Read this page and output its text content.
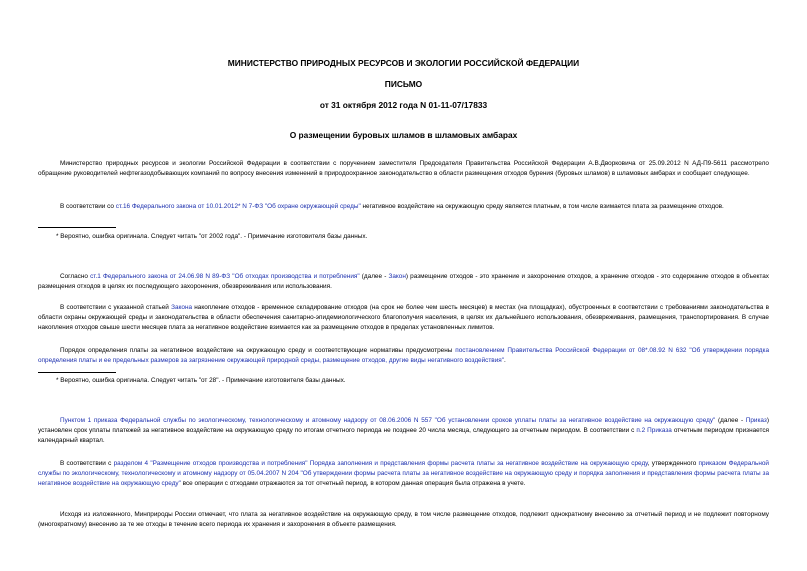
МИНИСТЕРСТВО ПРИРОДНЫХ РЕСУРСОВ И ЭКОЛОГИИ РОССИЙСКОЙ ФЕДЕРАЦИИ
ПИСЬМО
от 31 октября 2012 года N 01-11-07/17833
О размещении буровых шламов в шламовых амбарах
Министерство природных ресурсов и экологии Российской Федерации в соответствии с поручением заместителя Председателя Правительства Российской Федерации А.В.Дворковича от 25.09.2012 N АД-П9-5611 рассмотрело обращение руководителей нефтегазодобывающих компаний по вопросу внесения изменений в природоохранное законодательство в области размещения отходов бурения (буровых шламов) в шламовых амбарах и сообщает следующее.
В соответствии со ст.16 Федерального закона от 10.01.2012* N 7-ФЗ "Об охране окружающей среды" негативное воздействие на окружающую среду является платным, в том числе взимается плата за размещение отходов.
* Вероятно, ошибка оригинала. Следует читать "от 2002 года". - Примечание изготовителя базы данных.
Согласно ст.1 Федерального закона от 24.06.98 N 89-ФЗ "Об отходах производства и потребления" (далее - Закон) размещение отходов - это хранение и захоронение отходов, а хранение отходов - это содержание отходов в объектах размещения отходов в целях их последующего захоронения, обезвреживания или использования.
В соответствии с указанной статьей Закона накопление отходов - временное складирование отходов (на срок не более чем шесть месяцев) в местах (на площадках), обустроенных в соответствии с требованиями законодательства в области охраны окружающей среды и законодательства в области обеспечения санитарно-эпидемиологического благополучия населения, в целях их дальнейшего использования, обезвреживания, размещения, транспортирования. В случае накопления отходов свыше шести месяцев плата за негативное воздействие взимается как за размещение отходов в пределах установленных лимитов.
Порядок определения платы за негативное воздействие на окружающую среду и соответствующие нормативы предусмотрены постановлением Правительства Российской Федерации от 08*.08.92 N 632 "Об утверждении порядка определения платы и ее предельных размеров за загрязнение окружающей природной среды, размещение отходов, другие виды негативного воздействия".
* Вероятно, ошибка оригинала. Следует читать "от 28". - Примечание изготовителя базы данных.
Пунктом 1 приказа Федеральной службы по экологическому, технологическому и атомному надзору от 08.06.2006 N 557 "Об установлении сроков уплаты платы за негативное воздействие на окружающую среду" (далее - Приказ) установлен срок уплаты платежей за негативное воздействие на окружающую среду по итогам отчетного периода не позднее 20 числа месяца, следующего за отчетным периодом. В соответствии с п.2 Приказа отчетным периодом признается календарный квартал.
В соответствии с разделом 4 "Размещение отходов производства и потребления" Порядка заполнения и представления формы расчета платы за негативное воздействие на окружающую среду, утвержденного приказом Федеральной службы по экологическому, технологическому и атомному надзору от 05.04.2007 N 204 "Об утверждении формы расчета платы за негативное воздействие на окружающую среду и порядка заполнения и представления формы расчета платы за негативное воздействие на окружающую среду" все операции с отходами отражаются за тот отчетный период, в котором данная операция была отражена в учете.
Исходя из изложенного, Минприроды России отмечает, что плата за негативное воздействие на окружающую среду, в том числе размещение отходов, подлежит однократному внесению за отчетный период и не подлежит повторному (многократному) внесению за те же отходы в течение всего периода их хранения и захоронения в объекте размещения.
